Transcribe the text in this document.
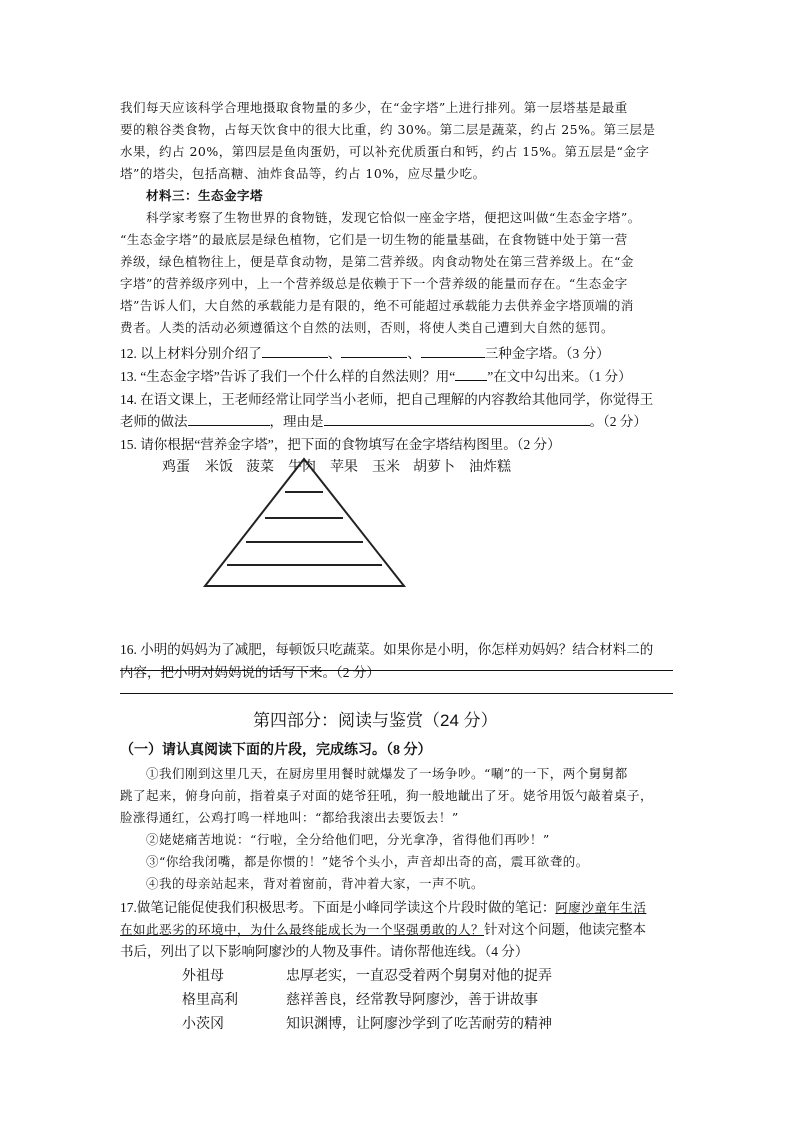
我们每天应该科学合理地摄取食物量的多少，在“金字塔”上进行排列。第一层塔基是最重
要的粮谷类食物，占每天饮食中的很大比重，约 30%。第二层是蔬菜，约占 25%。第三层是
水果，约占 20%，第四层是鱼肉蛋奶，可以补充优质蛋白和钙，约占 15%。第五层是“金字
塔”的塔尖，包括高糖、油炸食品等，约占 10%，应尽量少吃。
材料三：生态金字塔
科学家考察了生物世界的食物链，发现它恰似一座金字塔，便把这叫做“生态金字塔”。
“生态金字塔”的最底层是绿色植物，它们是一切生物的能量基础，在食物链中处于第一营
养级，绿色植物往上，便是草食动物，是第二营养级。肉食动物处在第三营养级上。在“金
字塔”的营养级序列中，上一个营养级总是依赖于下一个营养级的能量而存在。“生态金字
塔”告诉人们，大自然的承载能力是有限的，绝不可能超过承载能力去供养金字塔顶端的消
费者。人类的活动必须遵循这个自然的法则，否则，将使人类自己遭到大自然的惩罚。
12. 以上材料分别介绍了	、	、	三种金字塔。（3 分）
13. “生态金字塔”告诉了我们一个什么样的自然法则？用“ ”在文中勾出来。（1 分）
14. 在语文课上，王老师经常让同学当小老师，把自己理解的内容教给其他同学，你觉得王
老师的做法	，理由是	。（2 分）
15. 请你根据“营养金字塔”，把下面的食物填写在金字塔结构图里。（2 分）
鸡蛋 米饭 菠菜 牛肉 苹果 玉米 胡萝卜 油炸糕
16. 小明的妈妈为了减肥，每顿饭只吃蔬菜。如果你是小明，你怎样劝妈妈？结合材料二的
内容，把小明对妈妈说的话写下来。（2 分）
第四部分：阅读与鉴赏（24 分）
（一）请认真阅读下面的片段，完成练习。（8 分）
①我们刚到这里几天，在厨房里用餐时就爆发了一场争吵。“唰”的一下，两个舅舅都
跳了起来，俯身向前，指着桌子对面的姥爷狂吼，狗一般地龇出了牙。姥爷用饭勺敲着桌子，
脸涨得通红，公鸡打鸣一样地叫：“都给我滚出去要饭去！”
②姥姥痛苦地说：“行啦，全分给他们吧，分光拿净，省得他们再吵！”
③“你给我闭嘴，都是你惯的！”姥爷个头小，声音却出奇的高，震耳欲聋的。
④我的母亲站起来，背对着窗前，背冲着大家，一声不吭。
17.做笔记能促使我们积极思考。下面是小峰同学读这个片段时做的笔记：阿廖沙童年生活
在如此恶劣的环境中，为什么最终能成长为一个坚强勇敢的人？针对这个问题，他读完整本
书后，列出了以下影响阿廖沙的人物及事件。请你帮他连线。（4 分）
外祖母	忠厚老实，一直忍受着两个舅舅对他的捉弄
格里高利	慈祥善良，经常教导阿廖沙，善于讲故事
小茨冈	知识渊博，让阿廖沙学到了吃苦耐劳的精神
